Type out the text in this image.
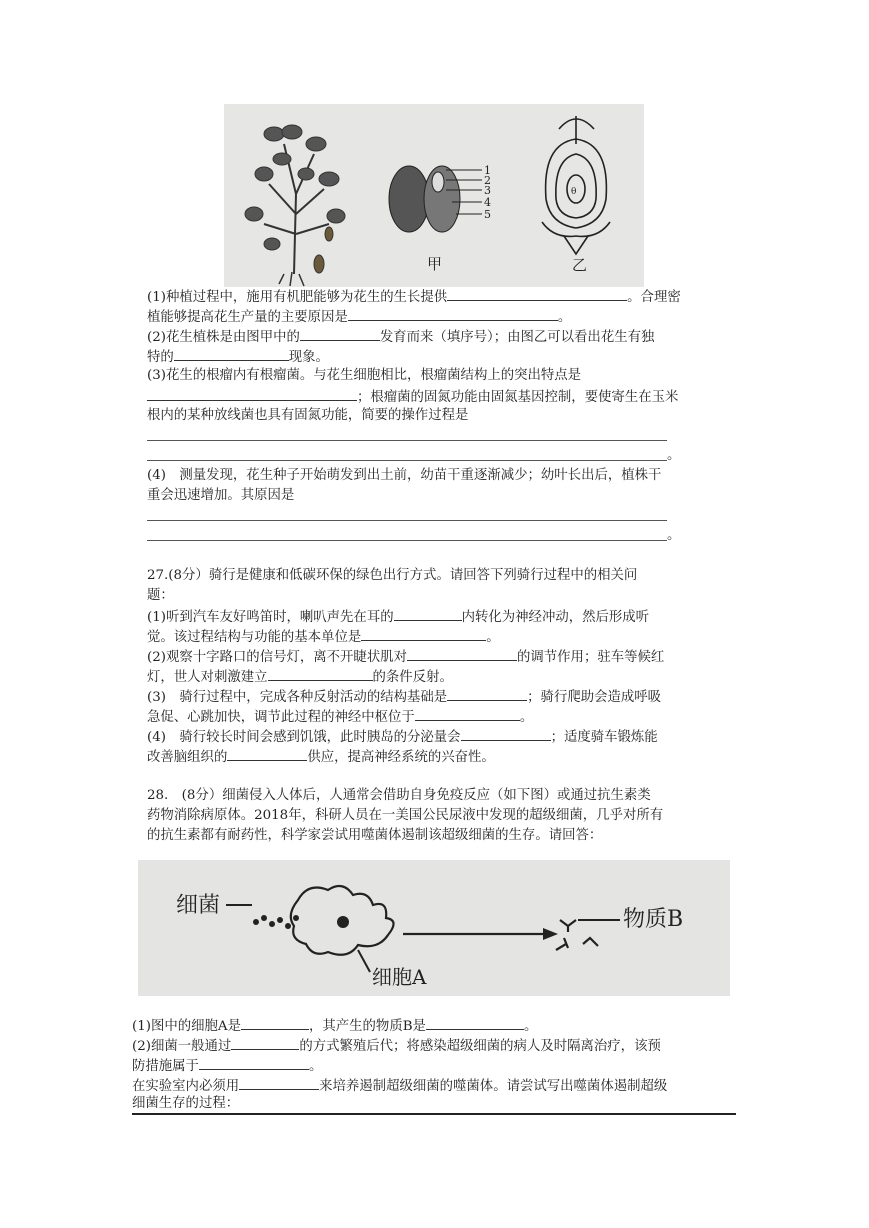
1
2
3
4
5
甲	乙
θ
(1)种植过程中，施用有机肥能够为花生的生长提供	。合理密
植能够提高花生产量的主要原因是	。
(2)花生植株是由图甲中的	发育而来（填序号）；由图乙可以看出花生有独
特的	现象。
(3)花生的根瘤内有根瘤菌。与花生细胞相比，根瘤菌结构上的突出特点是
；根瘤菌的固氮功能由固氮基因控制，要使寄生在玉米
根内的某种放线菌也具有固氮功能，简要的操作过程是
。
(4)　测量发现，花生种子开始萌发到出土前，幼苗干重逐渐减少；幼叶长出后，植株干
重会迅速增加。其原因是
。
27.(8分）骑行是健康和低碳环保的绿色出行方式。请回答下列骑行过程中的相关问
题：
(1)听到汽车友好鸣笛时，喇叭声先在耳的	内转化为神经冲动，然后形成听
觉。该过程结构与功能的基本单位是	。
(2)观察十字路口的信号灯，离不开睫状肌对	的调节作用；驻车等候红
灯，世人对刺激建立	的条件反射。
(3)　骑行过程中，完成各种反射活动的结构基础是	；骑行爬助会造成呼吸
急促、心跳加快，调节此过程的神经中枢位于	。
(4)　骑行较长时间会感到饥饿，此时胰岛的分泌量会	；适度骑车锻炼能
改善脑组织的	供应，提高神经系统的兴奋性。
28.　(8分）细菌侵入人体后，人通常会借助自身免疫反应（如下图）或通过抗生素类
药物消除病原体。2018年，科研人员在一美国公民尿液中发现的超级细菌，几乎对所有
的抗生素都有耐药性，科学家尝试用噬菌体遏制该超级细菌的生存。请回答：
细菌
细胞A
物质B
(1)图中的细胞A是	，其产生的物质B是	。
(2)细菌一般通过	的方式繁殖后代；将感染超级细菌的病人及时隔离治疗，该预
防措施属于	。
在实验室内必须用	来培养遏制超级细菌的噬菌体。请尝试写出噬菌体遏制超级
细菌生存的过程：
